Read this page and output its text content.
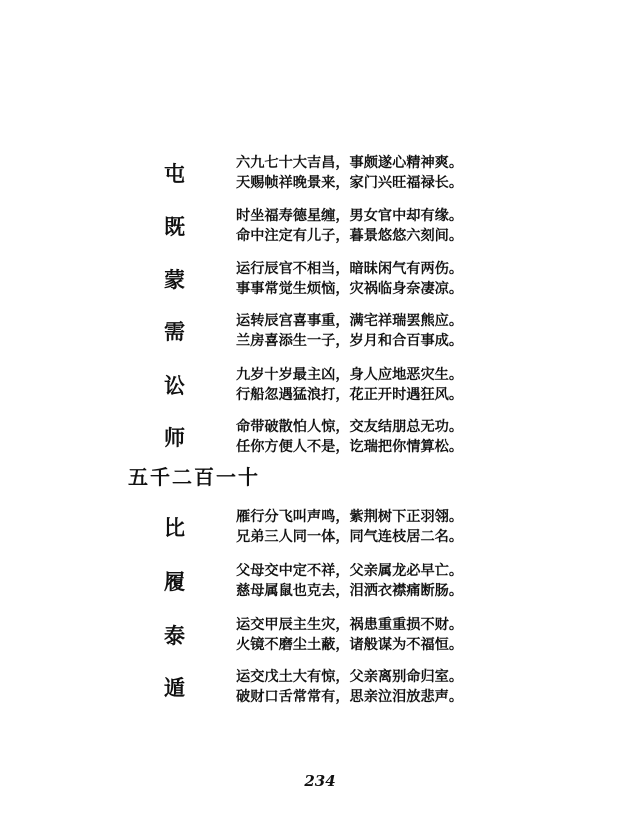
屯	六九七十大吉昌，事颇遂心精神爽。
天赐帧祥晚景来，家门兴旺福禄长。
既	时坐福寿德星缠，男女官中却有缘。
命中注定有儿子，暮景悠悠六刻间。
蒙	运行辰官不相当，暗昧闲气有两伤。
事事常觉生烦恼，灾祸临身奈凄凉。
需	运转辰宫喜事重，满宅祥瑞罢熊应。
兰房喜添生一子，岁月和合百事成。
讼	九岁十岁最主凶，身人应地恶灾生。
行船忽遇猛浪打，花正开时遇狂风。
师	命带破散怕人惊，交友结朋总无功。
任你方便人不是，讫瑞把你情算松。
五千二百一十
比	雁行分飞叫声鸣，紫荆树下正羽翎。
兄弟三人同一体，同气连枝居二名。
履	父母交中定不祥，父亲属龙必早亡。
慈母属鼠也克去，泪洒衣襟痛断肠。
泰	运交甲辰主生灾，祸患重重损不财。
火镜不磨尘土蔽，诸般谋为不福恒。
遁	运交戊土大有惊，父亲离别命归室。
破财口舌常常有，思亲泣泪放悲声。
234
